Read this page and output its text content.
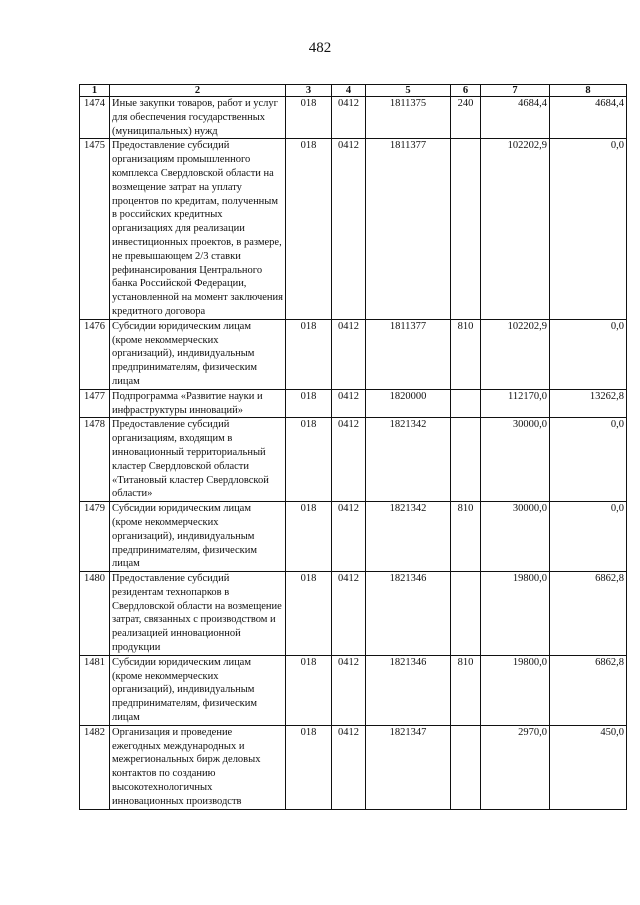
482
1	2	3	4	5	6	7	8
1474	Иные закупки товаров, работ и услуг для обеспечения государственных (муниципальных) нужд	018	0412	1811375	240	4684,4	4684,4
1475	Предоставление субсидий организациям промышленного комплекса Свердловской области на возмещение затрат на уплату процентов по кредитам, полученным в российских кредитных организациях для реализации инвестиционных проектов, в размере, не превышающем 2/3 ставки рефинансирования Центрального банка Российской Федерации, установленной на момент заключения кредитного договора	018	0412	1811377		102202,9	0,0
1476	Субсидии юридическим лицам (кроме некоммерческих организаций), индивидуальным предпринимателям, физическим лицам	018	0412	1811377	810	102202,9	0,0
1477	Подпрограмма «Развитие науки и инфраструктуры инноваций»	018	0412	1820000		112170,0	13262,8
1478	Предоставление субсидий организациям, входящим в инновационный территориальный кластер Свердловской области «Титановый кластер Свердловской области»	018	0412	1821342		30000,0	0,0
1479	Субсидии юридическим лицам (кроме некоммерческих организаций), индивидуальным предпринимателям, физическим лицам	018	0412	1821342	810	30000,0	0,0
1480	Предоставление субсидий резидентам технопарков в Свердловской области на возмещение затрат, связанных с производством и реализацией инновационной продукции	018	0412	1821346		19800,0	6862,8
1481	Субсидии юридическим лицам (кроме некоммерческих организаций), индивидуальным предпринимателям, физическим лицам	018	0412	1821346	810	19800,0	6862,8
1482	Организация и проведение ежегодных международных и межрегиональных бирж деловых контактов по созданию высокотехнологичных инновационных производств	018	0412	1821347		2970,0	450,0
